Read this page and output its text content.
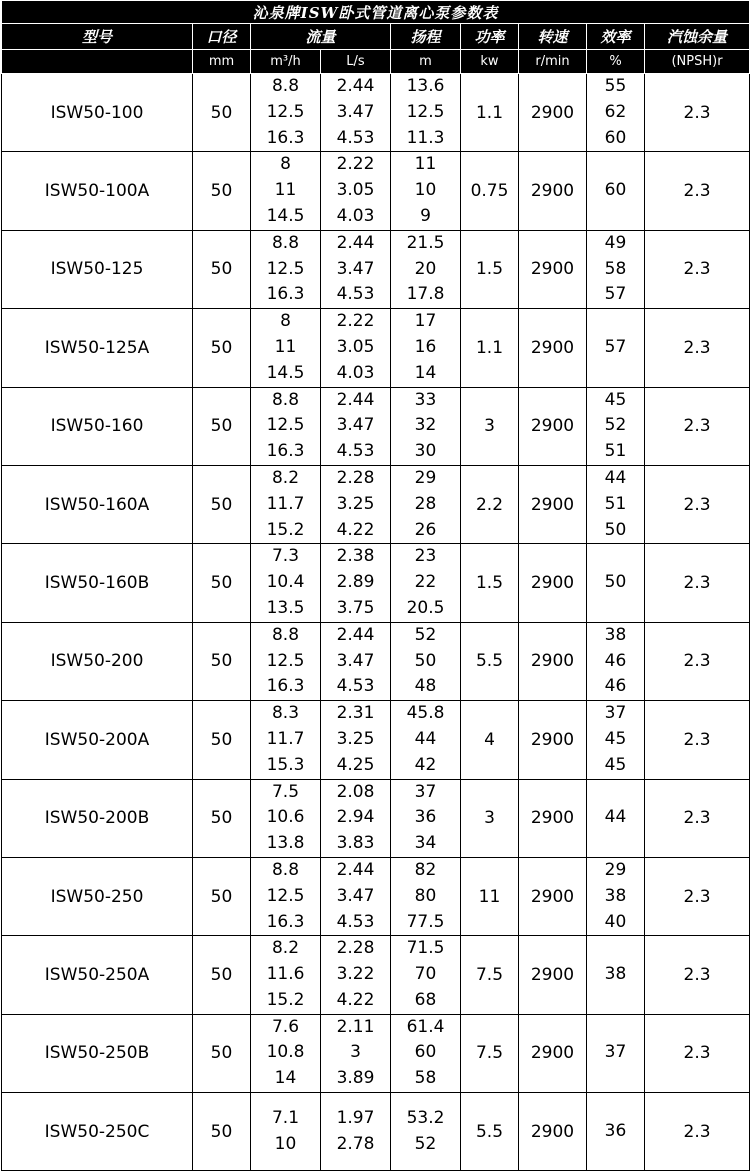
沁泉牌ISW卧式管道离心泵参数表								
型号	口径	流量		扬程	功率	转速	效率	汽蚀余量
	mm	m³/h	L/s	m	kw	r/min	%	(NPSH)r
ISW50-100	50	8.8
12.5
16.3	2.44
3.47
4.53	13.6
12.5
11.3	1.1	2900	55
62
60	2.3
ISW50-100A	50	8
11
14.5	2.22
3.05
4.03	11
10
9	0.75	2900	60	2.3
ISW50-125	50	8.8
12.5
16.3	2.44
3.47
4.53	21.5
20
17.8	1.5	2900	49
58
57	2.3
ISW50-125A	50	8
11
14.5	2.22
3.05
4.03	17
16
14	1.1	2900	57	2.3
ISW50-160	50	8.8
12.5
16.3	2.44
3.47
4.53	33
32
30	3	2900	45
52
51	2.3
ISW50-160A	50	8.2
11.7
15.2	2.28
3.25
4.22	29
28
26	2.2	2900	44
51
50	2.3
ISW50-160B	50	7.3
10.4
13.5	2.38
2.89
3.75	23
22
20.5	1.5	2900	50	2.3
ISW50-200	50	8.8
12.5
16.3	2.44
3.47
4.53	52
50
48	5.5	2900	38
46
46	2.3
ISW50-200A	50	8.3
11.7
15.3	2.31
3.25
4.25	45.8
44
42	4	2900	37
45
45	2.3
ISW50-200B	50	7.5
10.6
13.8	2.08
2.94
3.83	37
36
34	3	2900	44	2.3
ISW50-250	50	8.8
12.5
16.3	2.44
3.47
4.53	82
80
77.5	11	2900	29
38
40	2.3
ISW50-250A	50	8.2
11.6
15.2	2.28
3.22
4.22	71.5
70
68	7.5	2900	38	2.3
ISW50-250B	50	7.6
10.8
14	2.11
3
3.89	61.4
60
58	7.5	2900	37	2.3
ISW50-250C	50	7.1
10	1.97
2.78	53.2
52	5.5	2900	36	2.3
